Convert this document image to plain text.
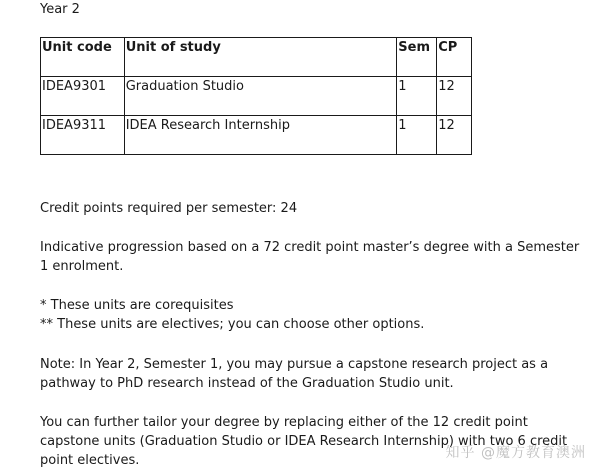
Year 2
Unit code	Unit of study	Sem	CP
IDEA9301	Graduation Studio	1	12
IDEA9311	IDEA Research Internship	1	12

Credit points required per semester: 24

Indicative progression based on a 72 credit point master’s degree with a Semester 1 enrolment.

* These units are corequisites
** These units are electives; you can choose other options.

Note: In Year 2, Semester 1, you may pursue a capstone research project as a pathway to PhD research instead of the Graduation Studio unit.

You can further tailor your degree by replacing either of the 12 credit point capstone units (Graduation Studio or IDEA Research Internship) with two 6 credit point electives.	知乎 @魔方教育澳洲
